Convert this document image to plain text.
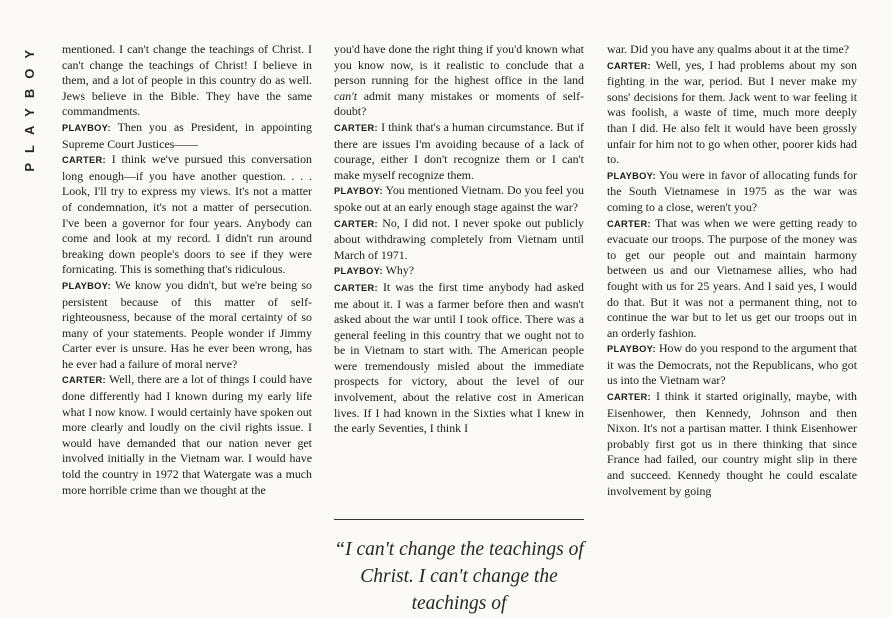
PLAYBOY mentioned. I can't change the teachings of Christ. I can't change the teachings of Christ! I believe in them, and a lot of people in this country do as well. Jews believe in the Bible. They have the same commandments.

PLAYBOY: Then you as President, in appointing Supreme Court Justices——

CARTER: I think we've pursued this conversation long enough—if you have another question. . . . Look, I'll try to express my views. It's not a matter of condemnation, it's not a matter of persecution. I've been a governor for four years. Anybody can come and look at my record. I didn't run around breaking down people's doors to see if they were fornicating. This is something that's ridiculous.

PLAYBOY: We know you didn't, but we're being so persistent because of this matter of self-righteousness, because of the moral certainty of so many of your statements. People wonder if Jimmy Carter ever is unsure. Has he ever been wrong, has he ever had a failure of moral nerve?

CARTER: Well, there are a lot of things I could have done differently had I known during my early life what I now know. I would certainly have spoken out more clearly and loudly on the civil rights issue. I would have demanded that our nation never get involved initially in the Vietnam war. I would have told the country in 1972 that Watergate was a much more horrible crime than we thought at the

you'd have done the right thing if you'd known what you know now, is it realistic to conclude that a person running for the highest office in the land can't admit many mistakes or moments of self-doubt?

CARTER: I think that's a human circumstance. But if there are issues I'm avoiding because of a lack of courage, either I don't recognize them or I can't make myself recognize them.

PLAYBOY: You mentioned Vietnam. Do you feel you spoke out at an early enough stage against the war?

CARTER: No, I did not. I never spoke out publicly about withdrawing completely from Vietnam until March of 1971.

PLAYBOY: Why?

CARTER: It was the first time anybody had asked me about it. I was a farmer before then and wasn't asked about the war until I took office. There was a general feeling in this country that we ought not to be in Vietnam to start with. The American people were tremendously misled about the immediate prospects for victory, about the level of our involvement, about the relative cost in American lives. If I had known in the Sixties what I knew in the early Seventies, I think I

“I can't change the teachings of Christ. I can't change the teachings of

war. Did you have any qualms about it at the time?

CARTER: Well, yes, I had problems about my son fighting in the war, period. But I never make my sons' decisions for them. Jack went to war feeling it was foolish, a waste of time, much more deeply than I did. He also felt it would have been grossly unfair for him not to go when other, poorer kids had to.

PLAYBOY: You were in favor of allocating funds for the South Vietnamese in 1975 as the war was coming to a close, weren't you?

CARTER: That was when we were getting ready to evacuate our troops. The purpose of the money was to get our people out and maintain harmony between us and our Vietnamese allies, who had fought with us for 25 years. And I said yes, I would do that. But it was not a permanent thing, not to continue the war but to let us get our troops out in an orderly fashion.

PLAYBOY: How do you respond to the argument that it was the Democrats, not the Republicans, who got us into the Vietnam war?

CARTER: I think it started originally, maybe, with Eisenhower, then Kennedy, Johnson and then Nixon. It's not a partisan matter. I think Eisenhower probably first got us in there thinking that since France had failed, our country might slip in there and succeed. Kennedy thought he could escalate involvement by going
